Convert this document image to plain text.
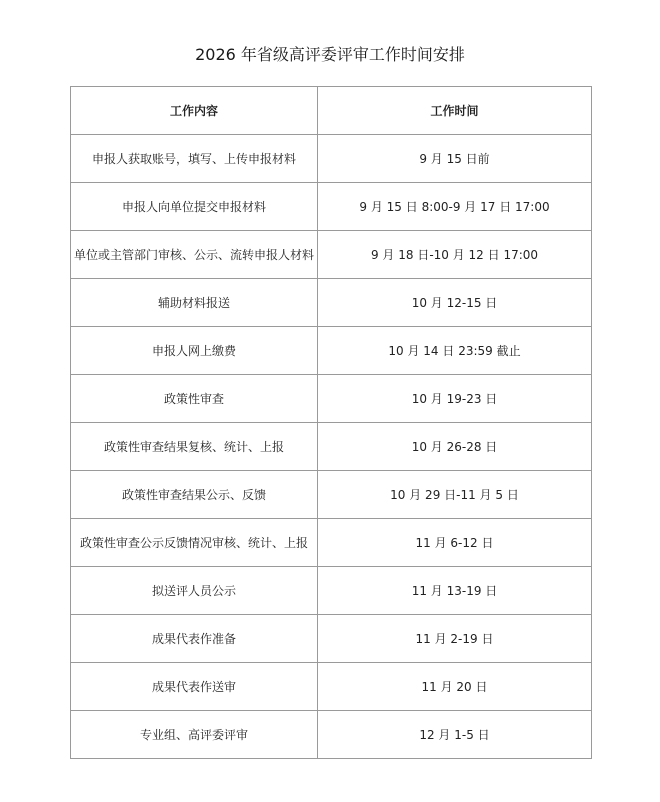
2026 年省级高评委评审工作时间安排
工作内容	工作时间
申报人获取账号，填写、上传申报材料	9 月 15 日前
申报人向单位提交申报材料	9 月 15 日 8:00-9 月 17 日 17:00
单位或主管部门审核、公示、流转申报人材料	9 月 18 日-10 月 12 日 17:00
辅助材料报送	10 月 12-15 日
申报人网上缴费	10 月 14 日 23:59 截止
政策性审查	10 月 19-23 日
政策性审查结果复核、统计、上报	10 月 26-28 日
政策性审查结果公示、反馈	10 月 29 日-11 月 5 日
政策性审查公示反馈情况审核、统计、上报	11 月 6-12 日
拟送评人员公示	11 月 13-19 日
成果代表作准备	11 月 2-19 日
成果代表作送审	11 月 20 日
专业组、高评委评审	12 月 1-5 日
